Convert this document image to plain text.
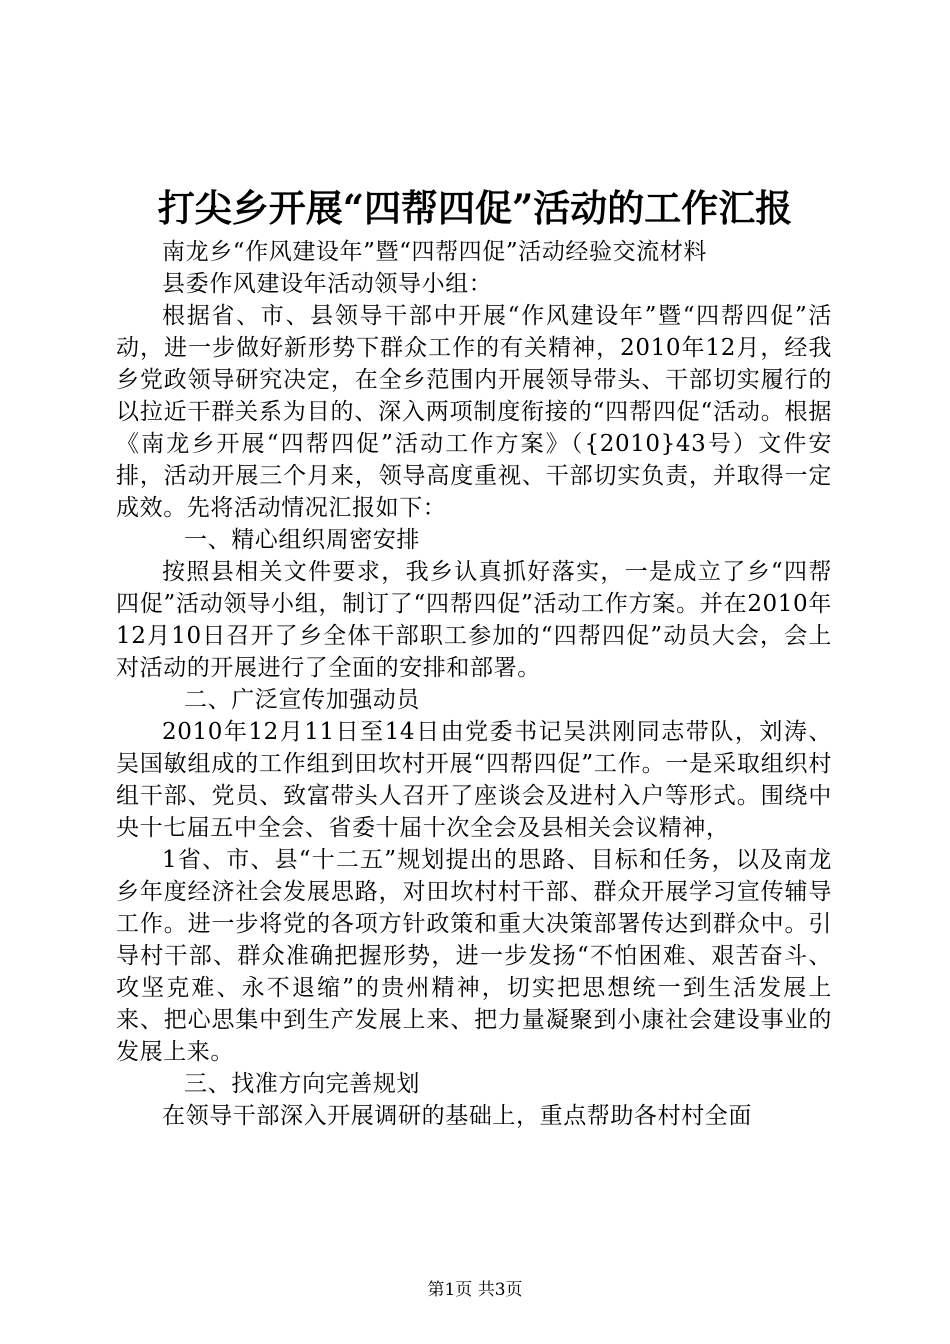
打尖乡开展“四帮四促”活动的工作汇报

南龙乡“作风建设年”暨“四帮四促”活动经验交流材料

县委作风建设年活动领导小组：

根据省、市、县领导干部中开展“作风建设年”暨“四帮四促”活动，进一步做好新形势下群众工作的有关精神，2010年12月，经我乡党政领导研究决定，在全乡范围内开展领导带头、干部切实履行的以拉近干群关系为目的、深入两项制度衔接的“四帮四促“活动。根据《南龙乡开展“四帮四促”活动工作方案》（{2010}43号）文件安排，活动开展三个月来，领导高度重视、干部切实负责，并取得一定成效。先将活动情况汇报如下：

一、精心组织周密安排

按照县相关文件要求，我乡认真抓好落实，一是成立了乡“四帮四促”活动领导小组，制订了“四帮四促”活动工作方案。并在2010年12月10日召开了乡全体干部职工参加的“四帮四促”动员大会，会上对活动的开展进行了全面的安排和部署。

二、广泛宣传加强动员

2010年12月11日至14日由党委书记吴洪刚同志带队，刘涛、吴国敏组成的工作组到田坎村开展“四帮四促”工作。一是采取组织村组干部、党员、致富带头人召开了座谈会及进村入户等形式。围绕中央十七届五中全会、省委十届十次全会及县相关会议精神，

1省、市、县“十二五”规划提出的思路、目标和任务，以及南龙乡年度经济社会发展思路，对田坎村村干部、群众开展学习宣传辅导工作。进一步将党的各项方针政策和重大决策部署传达到群众中。引导村干部、群众准确把握形势，进一步发扬“不怕困难、艰苦奋斗、攻坚克难、永不退缩”的贵州精神，切实把思想统一到生活发展上来、把心思集中到生产发展上来、把力量凝聚到小康社会建设事业的发展上来。

三、找准方向完善规划

在领导干部深入开展调研的基础上，重点帮助各村村全面

第1页 共3页
